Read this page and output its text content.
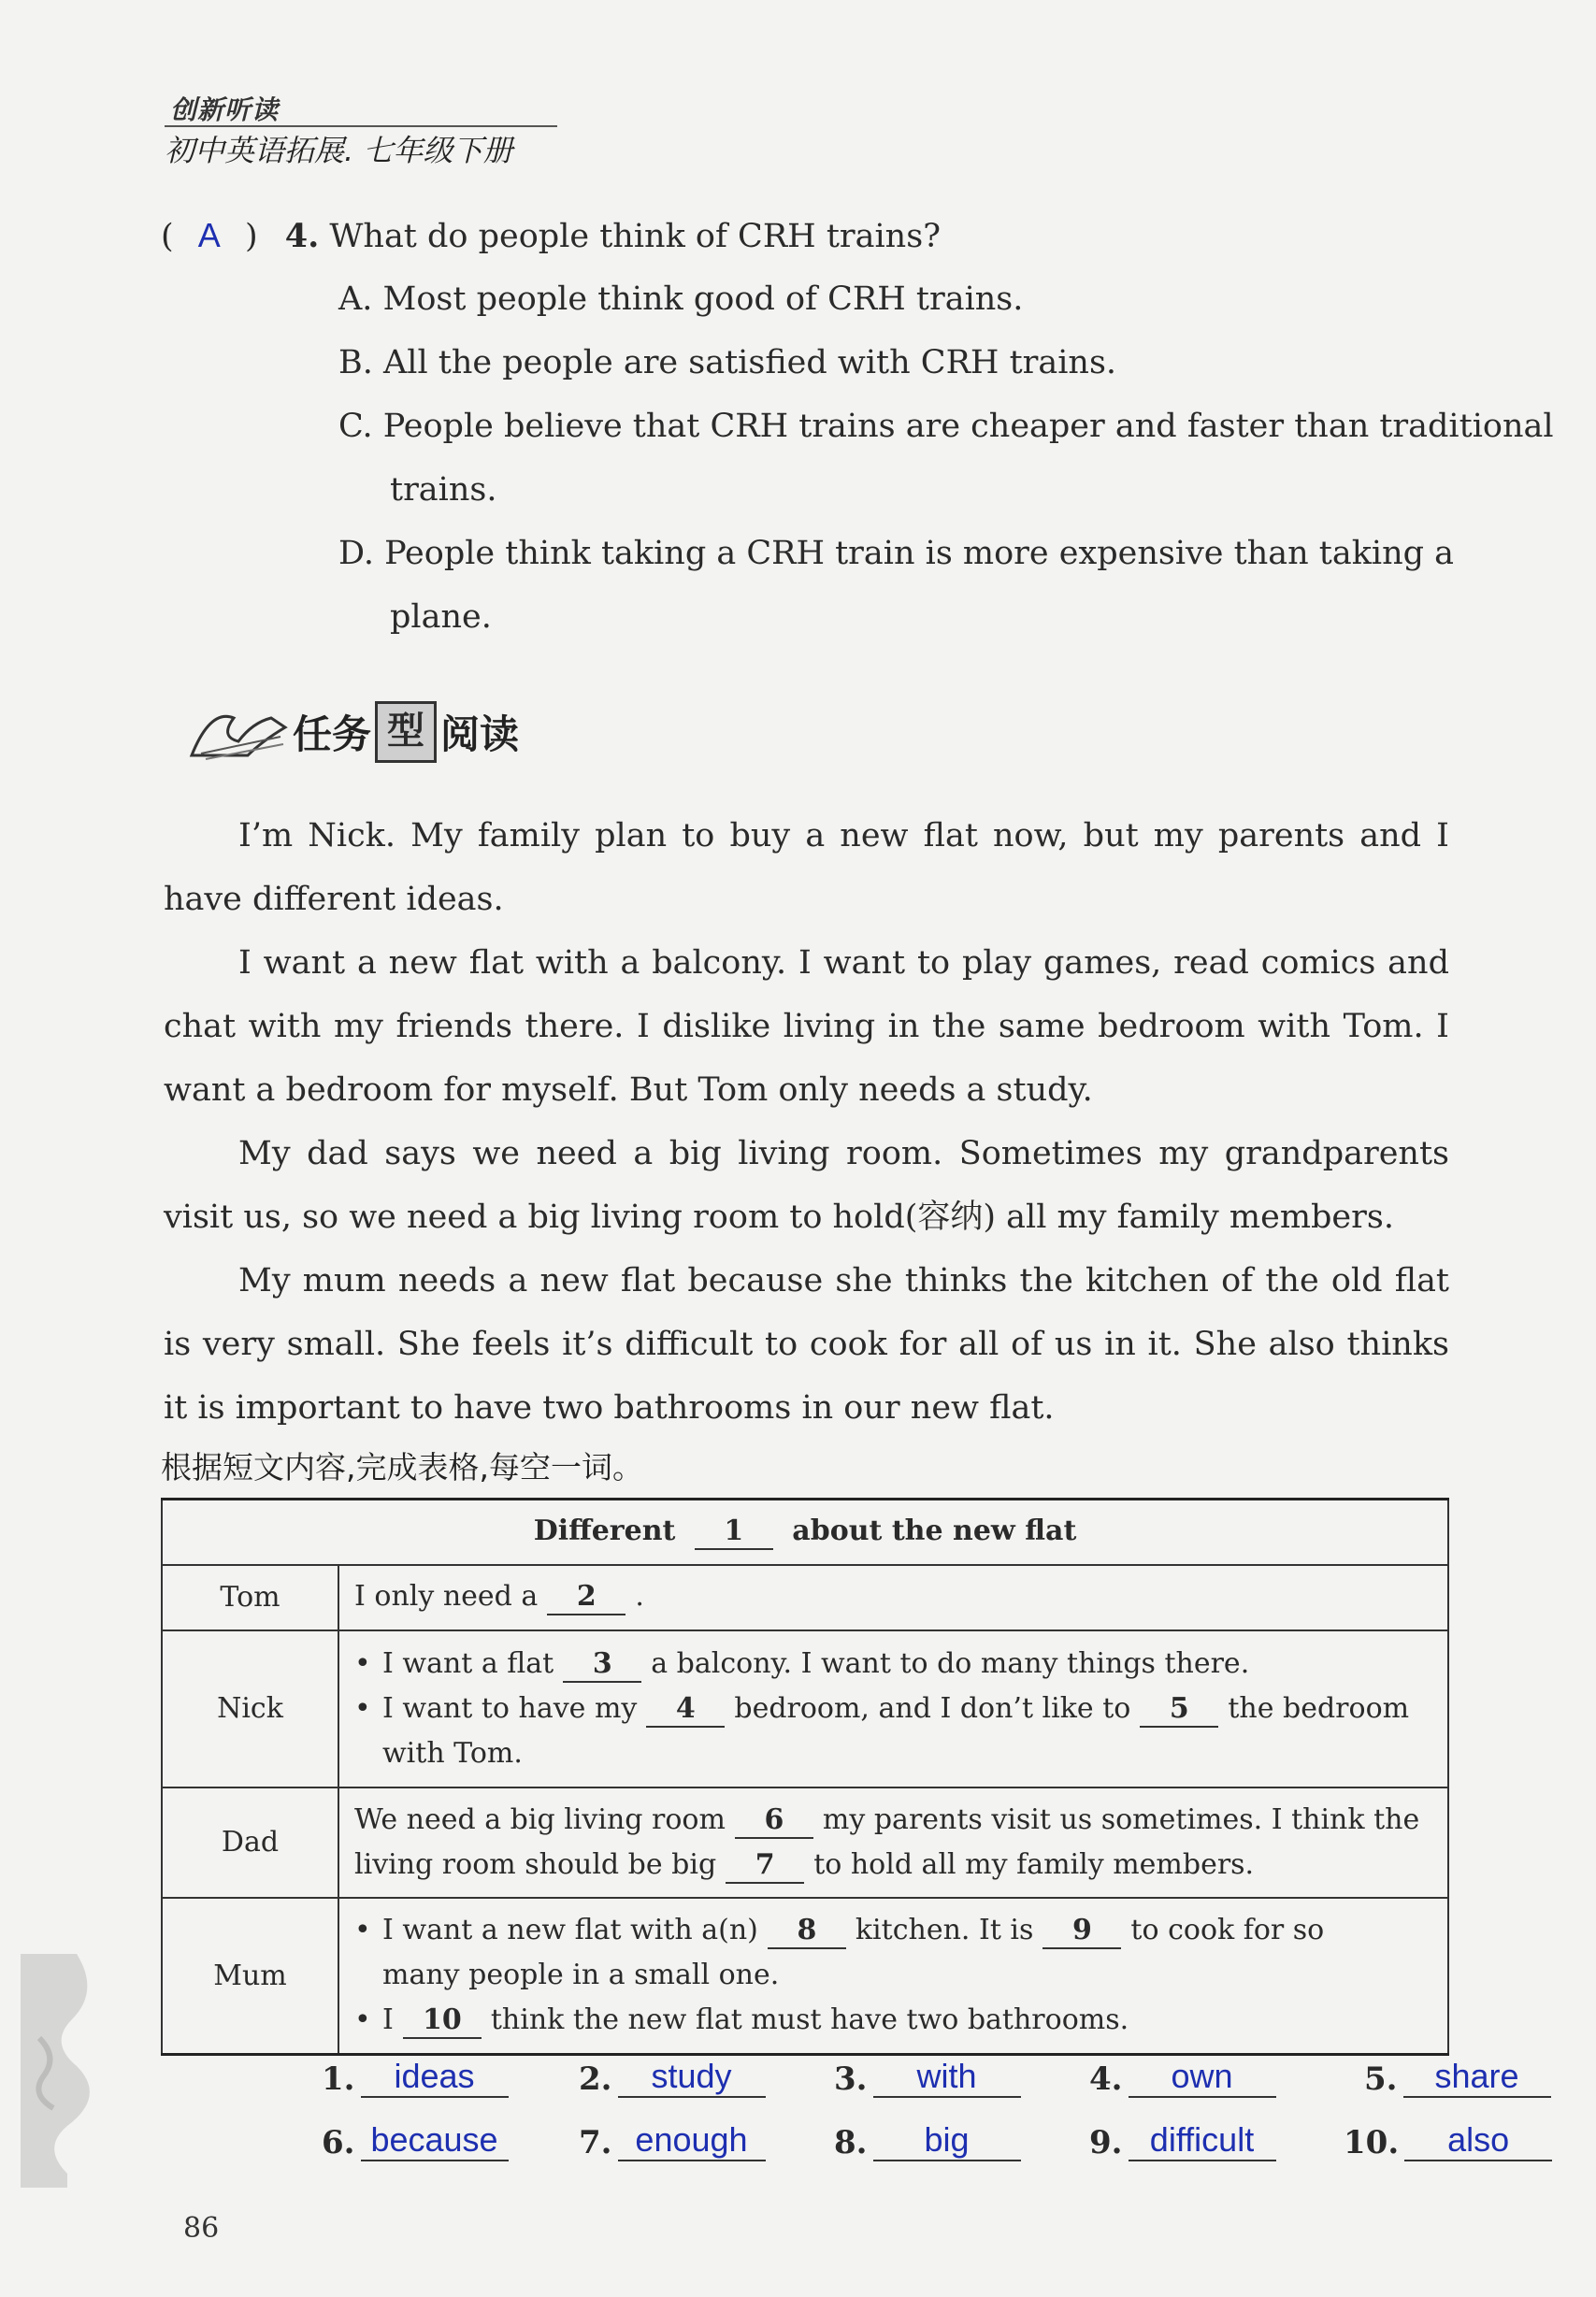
创新听读
初中英语拓展. 七年级下册
( A ) 4. What do people think of CRH trains?
A. Most people think good of CRH trains.
B. All the people are satisfied with CRH trains.
C. People believe that CRH trains are cheaper and faster than traditional
trains.
D. People think taking a CRH train is more expensive than taking a
plane.
任务 型 阅读

I’m Nick. My family plan to buy a new flat now, but my parents and I have different ideas.

I want a new flat with a balcony. I want to play games, read comics and chat with my friends there. I dislike living in the same bedroom with Tom. I want a bedroom for myself. But Tom only needs a study.

My dad says we need a big living room. Sometimes my grandparents visit us, so we need a big living room to hold(容纳) all my family members.

My mum needs a new flat because she thinks the kitchen of the old flat is very small. She feels it’s difficult to cook for all of us in it. She also thinks it is important to have two bathrooms in our new flat.

根据短文内容,完成表格,每空一词。
Different 1 about the new flat	
Tom	I only need a 2 .
Nick	• I want a flat 3 a balcony. I want to do many things there.
• I want to have my 4 bedroom, and I don’t like to 5 the bedroom
with Tom.

Dad	We need a big living room 6 my parents visit us sometimes. I think the
living room should be big 7 to hold all my family members.

Mum	• I want a new flat with a(n) 8 kitchen. It is 9 to cook for so
many people in a small one.
• I 10 think the new flat must have two bathrooms.
1.	ideas	2.	study	3.	with	4.	own	5.	share
6. because	7. enough	8.	big	9. difficult	10.	also
86
